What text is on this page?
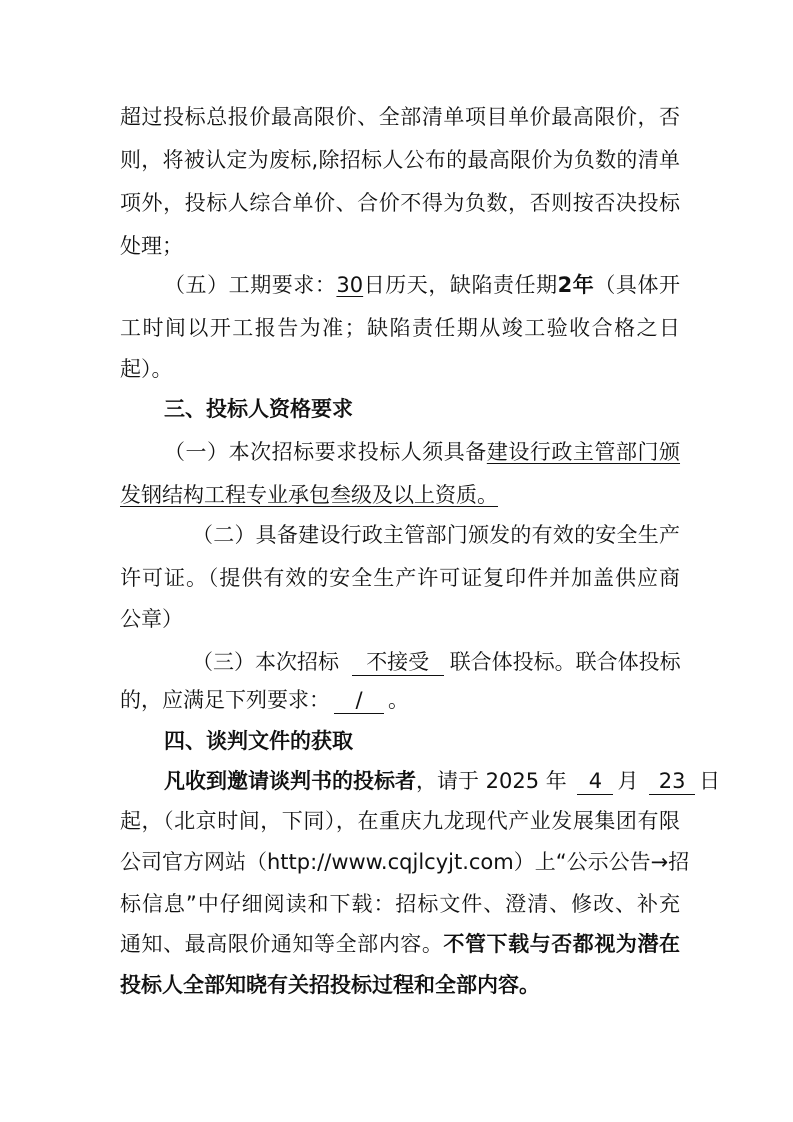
超过投标总报价最高限价、全部清单项目单价最高限价，否
则，将被认定为废标,除招标人公布的最高限价为负数的清单
项外，投标人综合单价、合价不得为负数，否则按否决投标
处理；
（五）工期要求：30日历天，缺陷责任期2年（具体开
工时间以开工报告为准；缺陷责任期从竣工验收合格之日
起）。
三、投标人资格要求
（一）本次招标要求投标人须具备建设行政主管部门颁
发钢结构工程专业承包叁级及以上资质。
（二）具备建设行政主管部门颁发的有效的安全生产
许可证。（提供有效的安全生产许可证复印件并加盖供应商
公章）
（三）本次招标 不接受 联合体投标。联合体投标
的，应满足下列要求： / 。
四、谈判文件的获取
凡收到邀请谈判书的投标者，请于 2025 年 4 月 23 日
起，（北京时间，下同），在重庆九龙现代产业发展集团有限
公司官方网站（http://www.cqjlcyjt.com）上“公示公告→招
标信息”中仔细阅读和下载：招标文件、澄清、修改、补充
通知、最高限价通知等全部内容。不管下载与否都视为潜在
投标人全部知晓有关招投标过程和全部内容。
